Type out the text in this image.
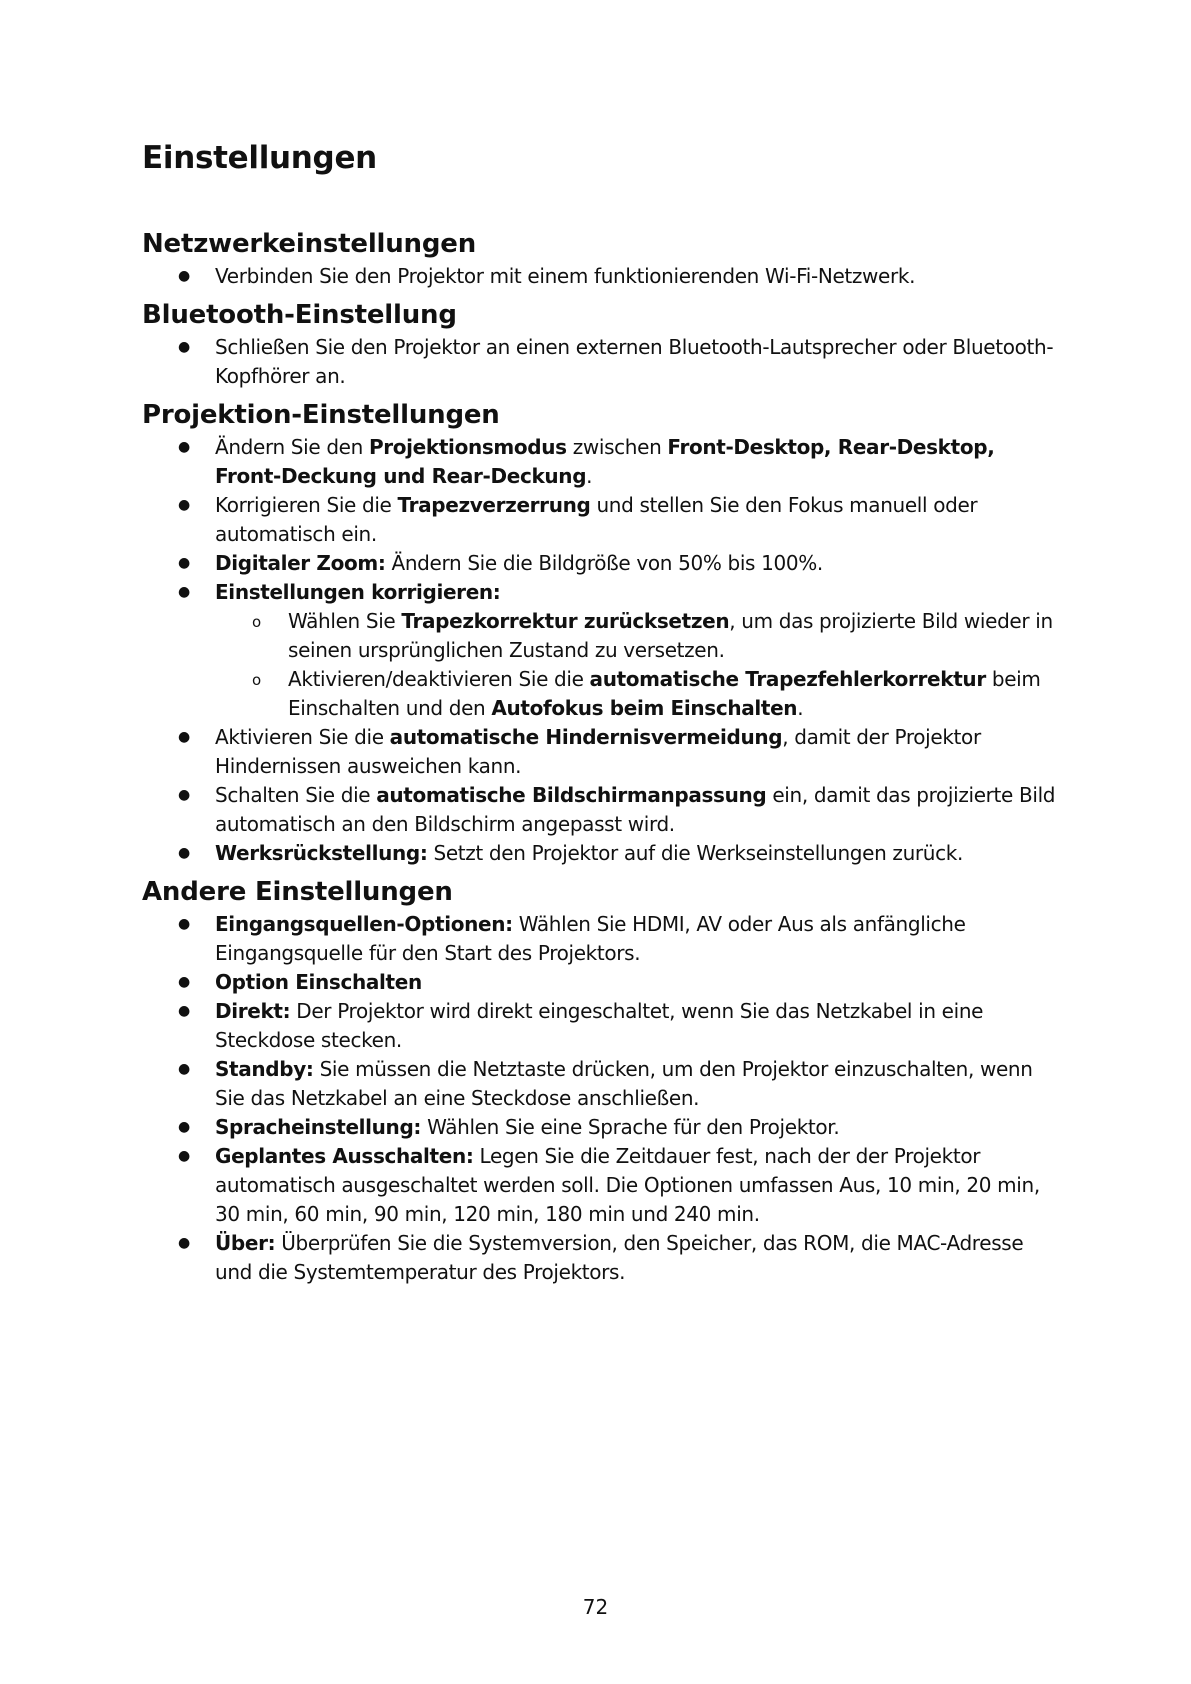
Einstellungen
Netzwerkeinstellungen
● Verbinden Sie den Projektor mit einem funktionierenden Wi-Fi-Netzwerk.
Bluetooth-Einstellung
● Schließen Sie den Projektor an einen externen Bluetooth-Lautsprecher oder Bluetooth-Kopfhörer an.
Projektion-Einstellungen
● Ändern Sie den Projektionsmodus zwischen Front-Desktop, Rear-Desktop, Front-Deckung und Rear-Deckung.
● Korrigieren Sie die Trapezverzerrung und stellen Sie den Fokus manuell oder automatisch ein.
● Digitaler Zoom: Ändern Sie die Bildgröße von 50% bis 100%.
● Einstellungen korrigieren:
o Wählen Sie Trapezkorrektur zurücksetzen, um das projizierte Bild wieder in seinen ursprünglichen Zustand zu versetzen.
o Aktivieren/deaktivieren Sie die automatische Trapezfehlerkorrektur beim Einschalten und den Autofokus beim Einschalten.
● Aktivieren Sie die automatische Hindernisvermeidung, damit der Projektor Hindernissen ausweichen kann.
● Schalten Sie die automatische Bildschirmanpassung ein, damit das projizierte Bild automatisch an den Bildschirm angepasst wird.
● Werksrückstellung: Setzt den Projektor auf die Werkseinstellungen zurück.
Andere Einstellungen
● Eingangsquellen-Optionen: Wählen Sie HDMI, AV oder Aus als anfängliche Eingangsquelle für den Start des Projektors.
● Option Einschalten
● Direkt: Der Projektor wird direkt eingeschaltet, wenn Sie das Netzkabel in eine Steckdose stecken.
● Standby: Sie müssen die Netztaste drücken, um den Projektor einzuschalten, wenn Sie das Netzkabel an eine Steckdose anschließen.
● Spracheinstellung: Wählen Sie eine Sprache für den Projektor.
● Geplantes Ausschalten: Legen Sie die Zeitdauer fest, nach der der Projektor automatisch ausgeschaltet werden soll. Die Optionen umfassen Aus, 10 min, 20 min, 30 min, 60 min, 90 min, 120 min, 180 min und 240 min.
● Über: Überprüfen Sie die Systemversion, den Speicher, das ROM, die MAC-Adresse und die Systemtemperatur des Projektors.
72
